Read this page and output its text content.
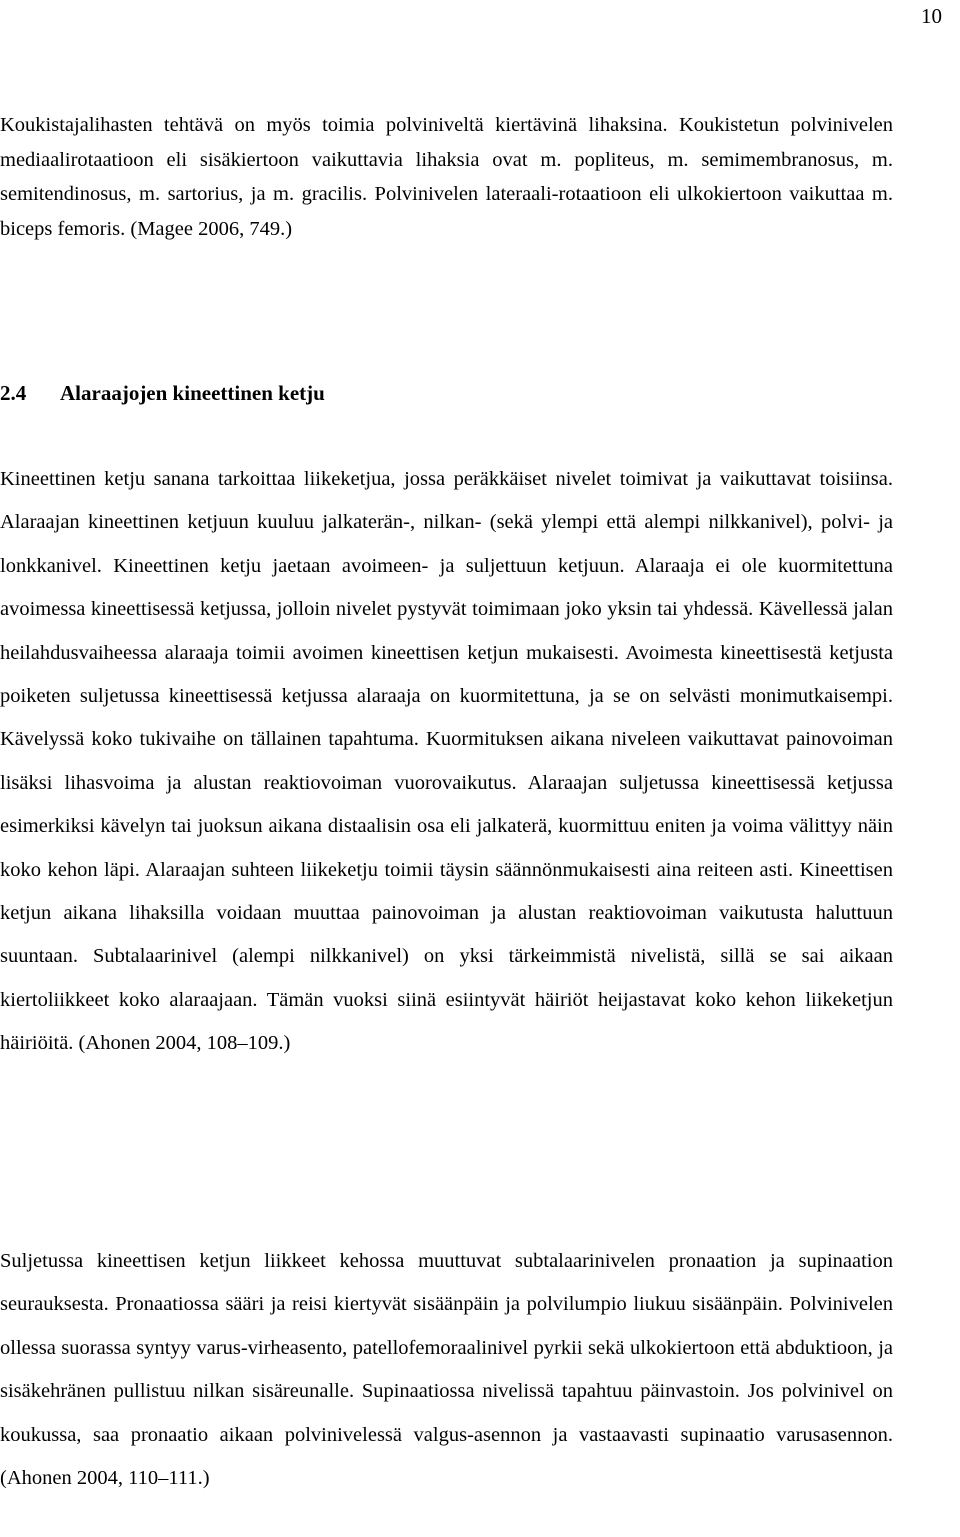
10

Koukistajalihasten tehtävä on myös toimia polviniveltä kiertävinä lihaksina. Koukistetun polvinivelen mediaalirotaatioon eli sisäkiertoon vaikuttavia lihaksia ovat m. popliteus, m. semimembranosus, m. semitendinosus, m. sartorius, ja m. gracilis. Polvinivelen lateraali-rotaatioon eli ulkokiertoon vaikuttaa m. biceps femoris. (Magee 2006, 749.)

2.4 Alaraajojen kineettinen ketju

Kineettinen ketju sanana tarkoittaa liikeketjua, jossa peräkkäiset nivelet toimivat ja vaikuttavat toisiinsa. Alaraajan kineettinen ketjuun kuuluu jalkaterän-, nilkan- (sekä ylempi että alempi nilkkanivel), polvi- ja lonkkanivel. Kineettinen ketju jaetaan avoimeen- ja suljettuun ketjuun. Alaraaja ei ole kuormitettuna avoimessa kineettisessä ketjussa, jolloin nivelet pystyvät toimimaan joko yksin tai yhdessä. Kävellessä jalan heilahdusvaiheessa alaraaja toimii avoimen kineettisen ketjun mukaisesti. Avoimesta kineettisestä ketjusta poiketen suljetussa kineettisessä ketjussa alaraaja on kuormitettuna, ja se on selvästi monimutkaisempi. Kävelyssä koko tukivaihe on tällainen tapahtuma. Kuormituksen aikana niveleen vaikuttavat painovoiman lisäksi lihasvoima ja alustan reaktiovoiman vuorovaikutus. Alaraajan suljetussa kineettisessä ketjussa esimerkiksi kävelyn tai juoksun aikana distaalisin osa eli jalkaterä, kuormittuu eniten ja voima välittyy näin koko kehon läpi. Alaraajan suhteen liikeketju toimii täysin säännönmukaisesti aina reiteen asti. Kineettisen ketjun aikana lihaksilla voidaan muuttaa painovoiman ja alustan reaktiovoiman vaikutusta haluttuun suuntaan. Subtalaarinivel (alempi nilkkanivel) on yksi tärkeimmistä nivelistä, sillä se sai aikaan kiertoliikkeet koko alaraajaan. Tämän vuoksi siinä esiintyvät häiriöt heijastavat koko kehon liikeketjun häiriöitä. (Ahonen 2004, 108–109.)

Suljetussa kineettisen ketjun liikkeet kehossa muuttuvat subtalaarinivelen pronaation ja supinaation seurauksesta. Pronaatiossa sääri ja reisi kiertyvät sisäänpäin ja polvilumpio liukuu sisäänpäin. Polvinivelen ollessa suorassa syntyy varus-virheasento, patellofemoraalinivel pyrkii sekä ulkokiertoon että abduktioon, ja sisäkehränen pullistuu nilkan sisäreunalle. Supinaatiossa nivelissä tapahtuu päinvastoin. Jos polvinivel on koukussa, saa pronaatio aikaan polvinivelessä valgus-asennon ja vastaavasti supinaatio varusasennon. (Ahonen 2004, 110–111.)
